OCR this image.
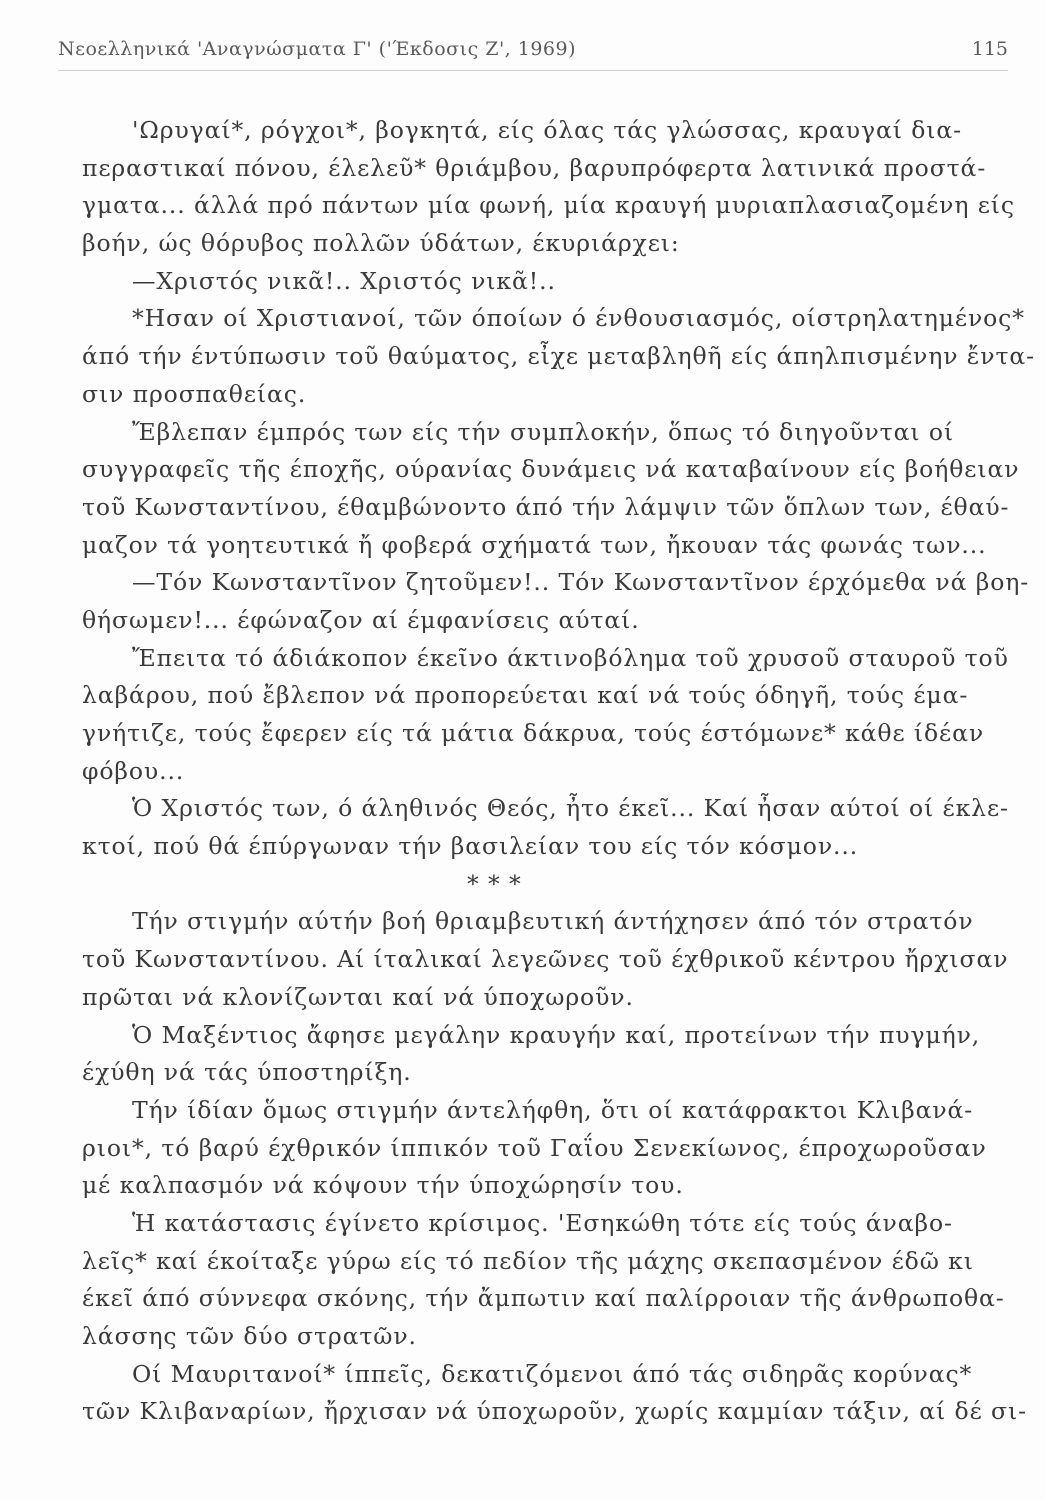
Νεοελληνικά 'Αναγνώσματα Γ' ('Έκδοσις Ζ', 1969)	115
'Ωρυγαί*, ρόγχοι*, βογκητά, είς όλας τάς γλώσσας, κραυγαί δια-
περαστικαί πόνου, έλελεῦ* θριάμβου, βαρυπρόφερτα λατινικά προστά-
γματα... άλλά πρό πάντων μία φωνή, μία κραυγή μυριαπλασιαζομένη είς
βοήν, ώς θόρυβος πολλῶν ύδάτων, έκυριάρχει:
—Χριστός νικᾶ!.. Χριστός νικᾶ!..
*Ησαν οί Χριστιανοί, τῶν όποίων ό ένθουσιασμός, οίστρηλατημένος*
άπό τήν έντύπωσιν τοῦ θαύματος, εἶχε μεταβληθῆ είς άπηλπισμένην ἔντα-
σιν προσπαθείας.
Ἔβλεπαν έμπρός των είς τήν συμπλοκήν, ὅπως τό διηγοῦνται οί
συγγραφεῖς τῆς έποχῆς, ούρανίας δυνάμεις νά καταβαίνουν είς βοήθειαν
τοῦ Κωνσταντίνου, έθαμβώνοντο άπό τήν λάμψιν τῶν ὅπλων των, έθαύ-
μαζον τά γοητευτικά ἤ φοβερά σχήματά των, ἤκουαν τάς φωνάς των...
—Τόν Κωνσταντῖνον ζητοῦμεν!.. Τόν Κωνσταντῖνον έρχόμεθα νά βοη-
θήσωμεν!... έφώναζον αί έμφανίσεις αύταί.
Ἔπειτα τό άδιάκοπον έκεῖνο άκτινοβόλημα τοῦ χρυσοῦ σταυροῦ τοῦ
λαβάρου, πού ἔβλεπον νά προπορεύεται καί νά τούς όδηγῆ, τούς έμα-
γνήτιζε, τούς ἔφερεν είς τά μάτια δάκρυα, τούς έστόμωνε* κάθε ίδέαν
φόβου...
Ὁ Χριστός των, ό άληθινός Θεός, ἦτο έκεῖ... Καί ἦσαν αύτοί οί έκλε-
κτοί, πού θά έπύργωναν τήν βασιλείαν του είς τόν κόσμον...
* * *
Τήν στιγμήν αύτήν βοή θριαμβευτική άντήχησεν άπό τόν στρατόν
τοῦ Κωνσταντίνου. Αί ίταλικαί λεγεῶνες τοῦ έχθρικοῦ κέντρου ἤρχισαν
πρῶται νά κλονίζωνται καί νά ύποχωροῦν.
Ὁ Μαξέντιος ἄφησε μεγάλην κραυγήν καί, προτείνων τήν πυγμήν,
έχύθη νά τάς ύποστηρίξη.
Τήν ίδίαν ὅμως στιγμήν άντελήφθη, ὅτι οί κατάφρακτοι Κλιβανά-
ριοι*, τό βαρύ έχθρικόν ίππικόν τοῦ Γαΐου Σενεκίωνος, έπροχωροῦσαν
μέ καλπασμόν νά κόψουν τήν ύποχώρησίν του.
Ἡ κατάστασις έγίνετο κρίσιμος. 'Εσηκώθη τότε είς τούς άναβο-
λεῖς* καί έκοίταξε γύρω είς τό πεδίον τῆς μάχης σκεπασμένον έδῶ κι
έκεῖ άπό σύννεφα σκόνης, τήν ἄμπωτιν καί παλίρροιαν τῆς άνθρωποθα-
λάσσης τῶν δύο στρατῶν.
Οί Μαυριτανοί* ίππεῖς, δεκατιζόμενοι άπό τάς σιδηρᾶς κορύνας*
τῶν Κλιβαναρίων, ἤρχισαν νά ύποχωροῦν, χωρίς καμμίαν τάξιν, αί δέ σι-
